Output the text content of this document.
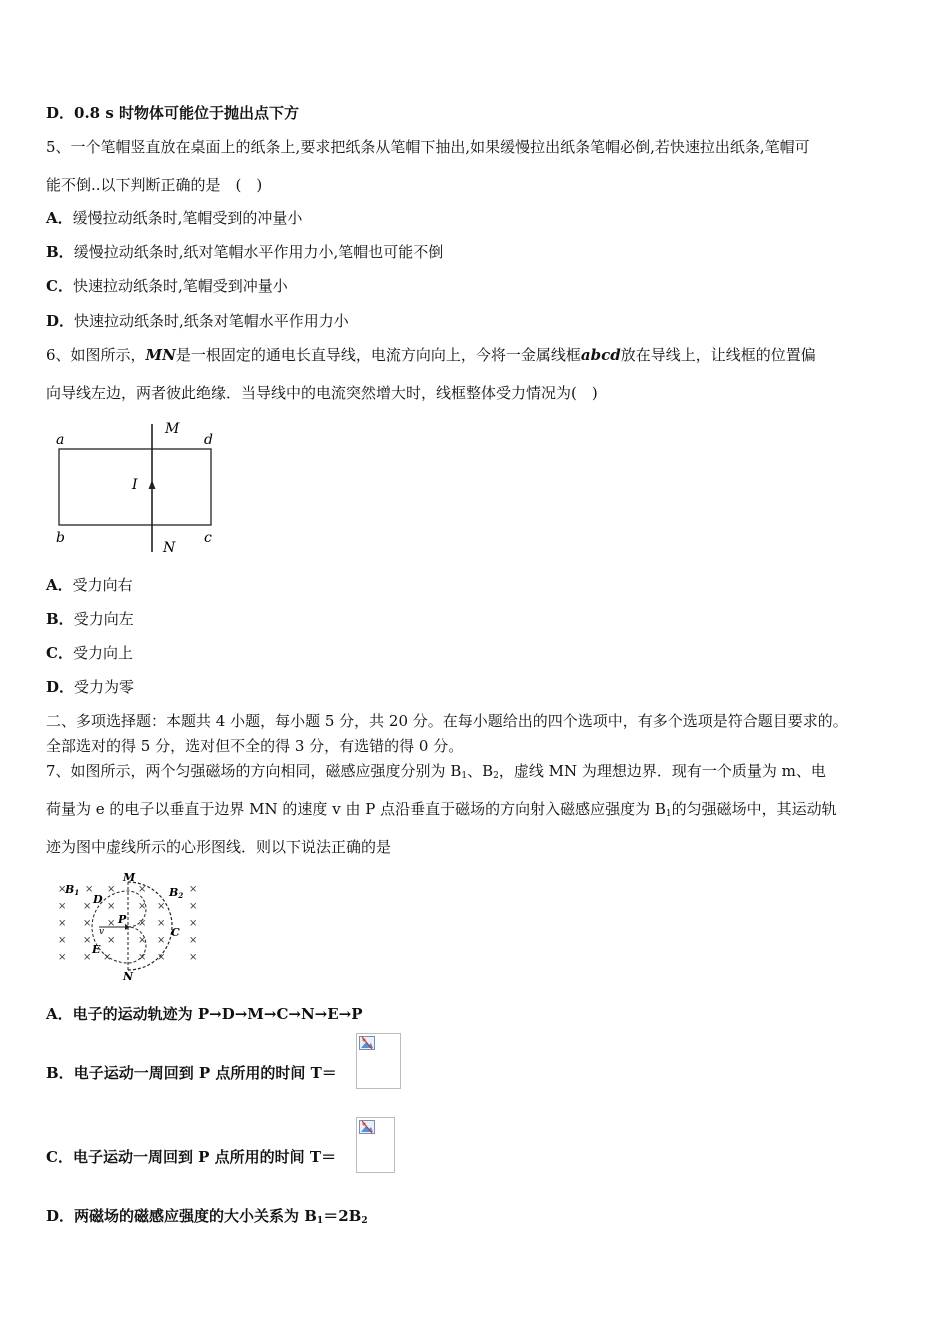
D．0.8 s 时物体可能位于抛出点下方
5、一个笔帽竖直放在桌面上的纸条上,要求把纸条从笔帽下抽出,如果缓慢拉出纸条笔帽必倒,若快速拉出纸条,笔帽可
能不倒..以下判断正确的是　(　)
A．缓慢拉动纸条时,笔帽受到的冲量小
B．缓慢拉动纸条时,纸对笔帽水平作用力小,笔帽也可能不倒
C．快速拉动纸条时,笔帽受到冲量小
D．快速拉动纸条时,纸条对笔帽水平作用力小
6、如图所示，MN是一根固定的通电长直导线，电流方向向上，今将一金属线框abcd放在导线上，让线框的位置偏
向导线左边，两者彼此绝缘．当导线中的电流突然增大时，线框整体受力情况为(　)
a	d
b	c
M
N
I
A．受力向右
B．受力向左
C．受力向上
D．受力为零
二、多项选择题：本题共 4 小题，每小题 5 分，共 20 分。在每小题给出的四个选项中，有多个选项是符合题目要求的。
全部选对的得 5 分，选对但不全的得 3 分，有选错的得 0 分。
7、如图所示，两个匀强磁场的方向相同，磁感应强度分别为 $B_1$、$B_2$，虚线 MN 为理想边界．现有一个质量为 m、电
荷量为 e 的电子以垂直于边界 MN 的速度 v 由 P 点沿垂直于磁场的方向射入磁感应强度为 $B_1$的匀强磁场中，其运动轨
迹为图中虚线所示的心形图线．则以下说法正确的是
×
×
×
×
×
×
×
×
×
×
×
×
×
×
× ×
×
×
×
×
×
×
×
×
×
×
×
×
×
M
N
B1	B2
D
E
P
C
v
A．电子的运动轨迹为 P→D→M→C→N→E→P
B．电子运动一周回到 P 点所用的时间 T＝
C．电子运动一周回到 P 点所用的时间 T＝
D．两磁场的磁感应强度的大小关系为 $B_1=2B_2$
